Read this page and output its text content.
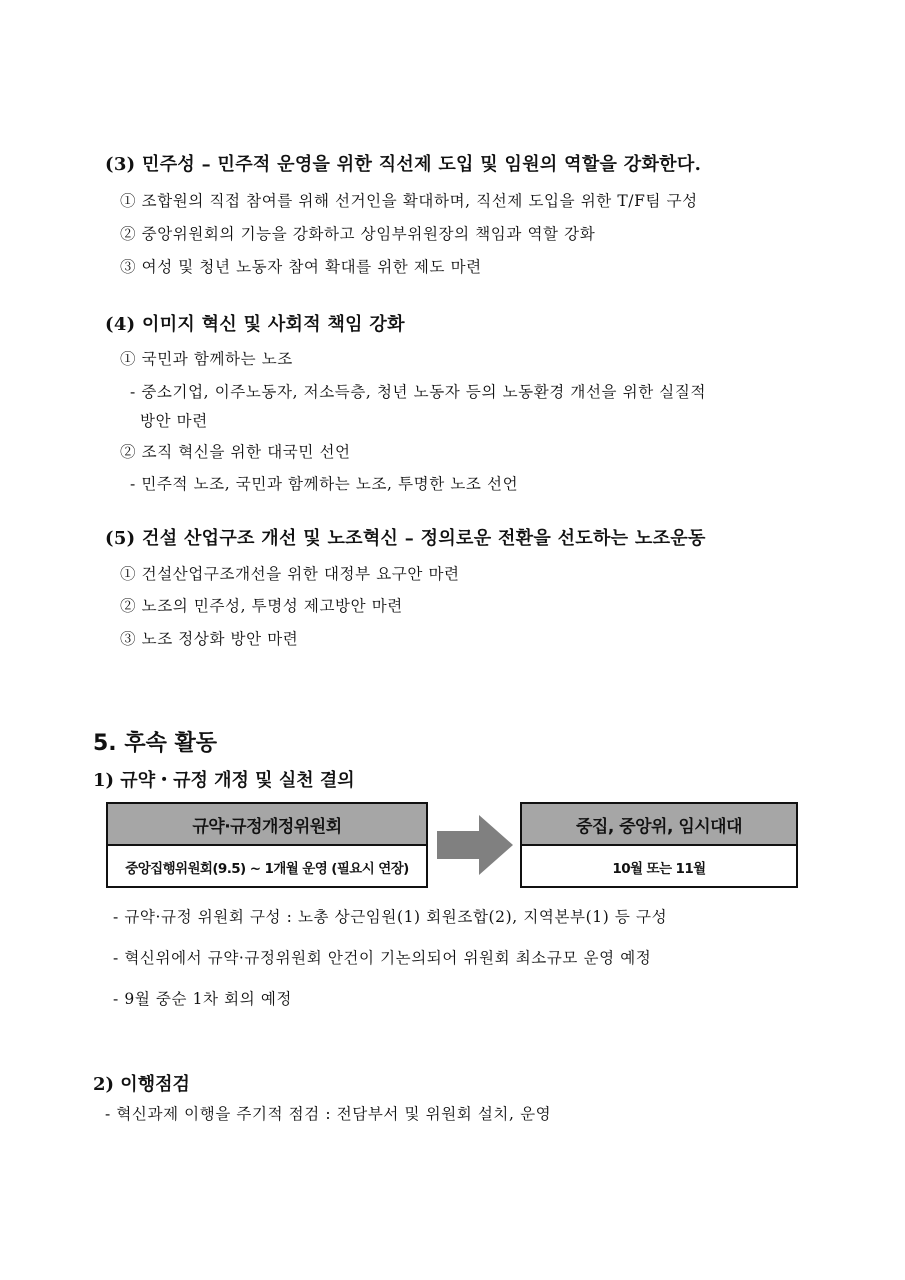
(3) 민주성 – 민주적 운영을 위한 직선제 도입 및 임원의 역할을 강화한다.
① 조합원의 직접 참여를 위해 선거인을 확대하며, 직선제 도입을 위한 T/F팀 구성
② 중앙위원회의 기능을 강화하고 상임부위원장의 책임과 역할 강화
③ 여성 및 청년 노동자 참여 확대를 위한 제도 마련
(4) 이미지 혁신 및 사회적 책임 강화
① 국민과 함께하는 노조
- 중소기업, 이주노동자, 저소득층, 청년 노동자 등의 노동환경 개선을 위한 실질적
방안 마련
② 조직 혁신을 위한 대국민 선언
- 민주적 노조, 국민과 함께하는 노조, 투명한 노조 선언
(5) 건설 산업구조 개선 및 노조혁신 – 정의로운 전환을 선도하는 노조운동
① 건설산업구조개선을 위한 대정부 요구안 마련
② 노조의 민주성, 투명성 제고방안 마련
③ 노조 정상화 방안 마련
5. 후속 활동
1) 규약・규정 개정 및 실천 결의
규약·규정개정위원회
중앙집행위원회(9.5) ~ 1개월 운영 (필요시 연장)
중집, 중앙위, 임시대대
10월 또는 11월
- 규약·규정 위원회 구성 : 노총 상근임원(1) 회원조합(2), 지역본부(1) 등 구성
- 혁신위에서 규약·규정위원회 안건이 기논의되어 위원회 최소규모 운영 예정
- 9월 중순 1차 회의 예정
2) 이행점검
- 혁신과제 이행을 주기적 점검 : 전담부서 및 위원회 설치, 운영
